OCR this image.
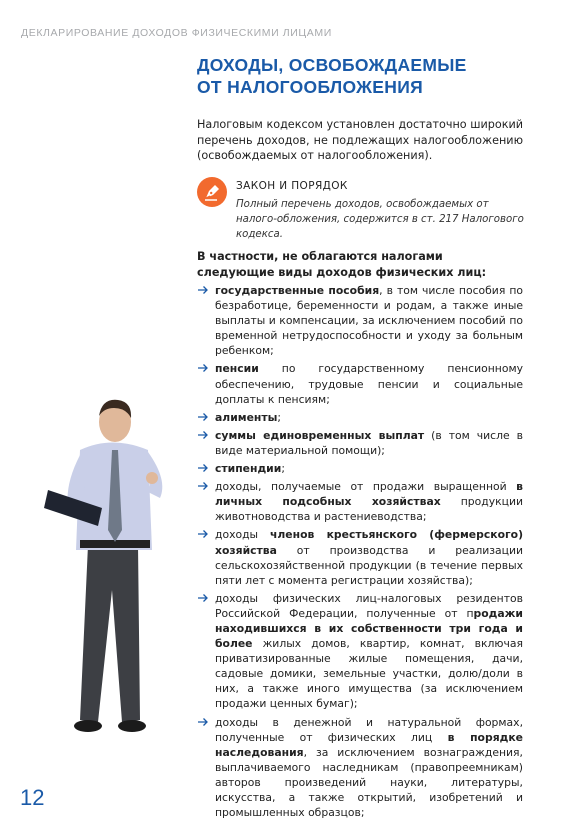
ДЕКЛАРИРОВАНИЕ ДОХОДОВ ФИЗИЧЕСКИМИ ЛИЦАМИ
ДОХОДЫ, ОСВОБОЖДАЕМЫЕ
ОТ НАЛОГООБЛОЖЕНИЯ

Налоговым кодексом установлен достаточно широкий перечень доходов, не подлежащих налогообложению (освобождаемых от налогообложения).

ЗАКОН И ПОРЯДОК
Полный перечень доходов, освобождаемых от налого-обложения, содержится в ст. 217 Налогового кодекса.

В частности, не облагаются налогами следующие виды доходов физических лиц:

государственные пособия, в том числе пособия по безработице, беременности и родам, а также иные выплаты и компенсации, за исключением пособий по временной нетрудоспособности и уходу за больным ребенком;
пенсии по государственному пенсионному обеспечению, трудовые пенсии и социальные доплаты к пенсиям;
алименты;
суммы единовременных выплат (в том числе в виде материальной помощи);
стипендии;
доходы, получаемые от продажи выращенной в личных подсобных хозяйствах продукции животноводства и растениеводства;
доходы членов крестьянского (фермерского) хозяйства от производства и реализации сельскохозяйственной продукции (в течение первых пяти лет с момента регистрации хозяйства);
доходы физических лиц-налоговых резидентов Российской Федерации, полученные от продажи находившихся в их собственности три года и более жилых домов, квартир, комнат, включая приватизированные жилые помещения, дачи, садовые домики, земельные участки, долю/доли в них, а также иного имущества (за исключением продажи ценных бумаг);
доходы в денежной и натуральной формах, полученные от физических лиц в порядке наследования, за исключением вознаграждения, выплачиваемого наследникам (правопреемникам) авторов произведений науки, литературы, искусства, а также открытий, изобретений и промышленных образцов;
12
